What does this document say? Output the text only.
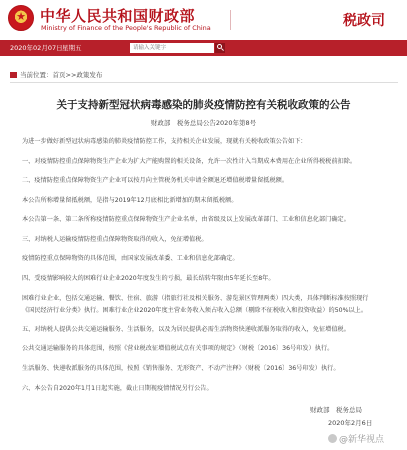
★ 中华人民共和国财政部
Ministry of Finance of the People's Republic of China	税政司
2020年02月07日 星期五
请输入关键字
当前位置：首页>>政策发布
关于支持新型冠状病毒感染的肺炎疫情防控有关税收政策的公告
财政部　税务总局公告2020年第8号
为进一步做好新型冠状病毒感染的肺炎疫情防控工作，支持相关企业发展，现就有关税收政策公告如下：
一、对疫情防控重点保障物资生产企业为扩大产能购置的相关设备，允许一次性计入当期成本费用在企业所得税税前扣除。
二、疫情防控重点保障物资生产企业可以按月向主管税务机关申请全额退还增值税增量留抵税额。
本公告所称增量留抵税额，是指与2019年12月底相比新增加的期末留抵税额。
本公告第一条、第二条所称疫情防控重点保障物资生产企业名单，由省级及以上发展改革部门、工业和信息化部门确定。
三、对纳税人运输疫情防控重点保障物资取得的收入，免征增值税。
疫情防控重点保障物资的具体范围，由国家发展改革委、工业和信息化部确定。
四、受疫情影响较大的困难行业企业2020年度发生的亏损，最长结转年限由5年延长至8年。
困难行业企业，包括交通运输、餐饮、住宿、旅游（指旅行社及相关服务、游览景区管理两类）四大类，具体判断标准按照现行
《国民经济行业分类》执行。困难行业企业2020年度主营业务收入须占收入总额（剔除不征税收入和投资收益）的50%以上。
五、对纳税人提供公共交通运输服务、生活服务，以及为居民提供必需生活物资快递收派服务取得的收入，免征增值税。
公共交通运输服务的具体范围，按照《营业税改征增值税试点有关事项的规定》（财税〔2016〕36号印发）执行。
生活服务、快递收派服务的具体范围，按照《销售服务、无形资产、不动产注释》（财税〔2016〕36号印发）执行。
六、本公告自2020年1月1日起实施，截止日期视疫情情况另行公告。
财政部　税务总局
2020年2月6日
@新华视点
